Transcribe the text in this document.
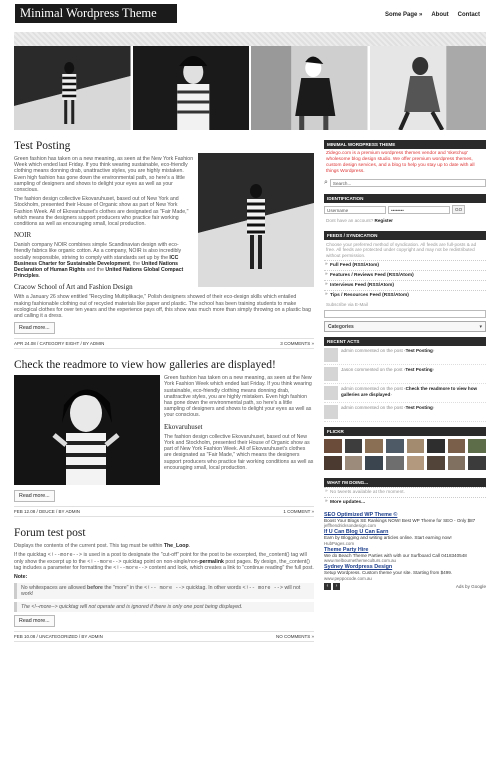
Minimal Wordpress Theme	Some Page » About Contact
Test Posting
Green fashion has taken on a new meaning, as seen at the New York Fashion Week which ended last Friday. If you think wearing sustainable, eco-friendly clothing means donning drab, unattractive styles, you are highly mistaken. Even high fashion has gone down the environmental path, so here's a little sampling of designers and shows to delight your eyes as well as your conscious.
The fashion design collective Ekovaruhuset, based out of New York and Stockholm, presented their House of Organic show as part of New York Fashion Week. All of Ekovaruhuset's clothes are designated as "Fair Made," which means the designers support producers who practice fair working conditions as well as encouraging small, local production.
NOIR
Danish company NOIR combines simple Scandinavian design with eco-friendly fabrics like organic cotton. As a company, NOIR is also incredibly socially responsible, striving to comply with standards set up by the ICC Business Charter for Sustainable Development, the United Nations Declaration of Human Rights and the United Nations Global Compact Principles.
Cracow School of Art and Fashion Design
With a January 26 show entitled "Recycling Multiplikacje," Polish designers showed of their eco-design skills which entailed making fashionable clothing out of recycled materials like paper and plastic. The school has been training students to make ecological clothes for over ten years and the experience pays off, this show was much more than simply throwing on a plastic bag and calling it a dress.
Read more...
APR 24.08 / CATEGORY EIGHT / BY ADMIN	3 COMMENTS »
Check the readmore to view how galleries are displayed!
Green fashion has taken on a new meaning, as seen at the New York Fashion Week which ended last Friday. If you think wearing sustainable, eco-friendly clothing means donning drab, unattractive styles, you are highly mistaken. Even high fashion has gone down the environmental path, so here's a little sampling of designers and shows to delight your eyes as well as your conscious.
Ekovaruhuset
The fashion design collective Ekovaruhuset, based out of New York and Stockholm, presented their House of Organic show as part of New York Fashion Week. All of Ekovaruhuset's clothes are designated as "Fair Made," which means the designers support producers who practice fair working conditions as well as encouraging small, local production.
Read more...
FEB 12.08 / DEUCE / BY ADMIN	1 COMMENT »
Forum test post
Displays the contents of the current post. This tag must be within The_Loop.
If the quicktag <!--more--> is used in a post to designate the "cut-off" point for the post to be excerpted, the_content() tag will only show the excerpt up to the <!--more--> quicktag point on non-single/non-permalink post pages. By design, the_content() tag includes a parameter for formatting the <!--more--> content and look, which creates a link to "continue reading" the full post.
Note:
No whitespaces are allowed before the "more" in the <!-- more --> quicktag. In other words <!-- more --> will not work!
The <!--more--> quicktag will not operate and is ignored if there is only one post being displayed.
Read more...
FEB 10.08 / UNCATEGORIZED / BY ADMIN	NO COMMENTS »
MINIMAL WORDPRESS THEME
Zidego.com is a premium wordpress themes vendor and 'sketchup' wholesome blog design studio. We offer premium wordpress themes, custom design services, and a blog to help you stay up to date with all things Wordpress.
⌕	Search...
IDENTIFICATION
Username	••••••••	GO
Dont have an account? Register
FEEDS / SYNDICATION
Choose your preferred method of syndication. All feeds are full-posts & ad free. All feeds are protected under copyright and may not be redistributed without permission.
» Full Feed (RSS/Atom)
» Features / Reviews Feed (RSS/Atom)
» Interviews Feed (RSS/Atom)
» Tips / Resources Feed (RSS/Atom)
Subscribe via E-Mail
Categories	▾
RECENT ACTS
admin commented on the post ‹Test Posting›
Jason commented on the post ‹Test Posting›
admin commented on the post ‹Check the readmore to view how galleries are displayed›
admin commented on the post ‹Test Posting›
FLICKR
WHAT I'M DOING...
» No tweets available at the moment.
» More updates...
SEO Optimized WP Theme ©
Boost Your Blogs SE Rankings NOW! Best WP Theme for SEO - Only $87
jeffhendricksondesign.com
If U Can Blog U Can Earn
Earn by Blogging and writing articles online. Start earning now!
HubPages.com
Theme Party Hire
We do Beach Theme Parties with with our Surfboard Call 0418340548
www.melbournethemeculturs.com.au
Sydney Wordpress Design
Setup Wordpress. Custom theme your site. Starting from $499.
www.peppocode.com.au
‹	›	Ads by Google
